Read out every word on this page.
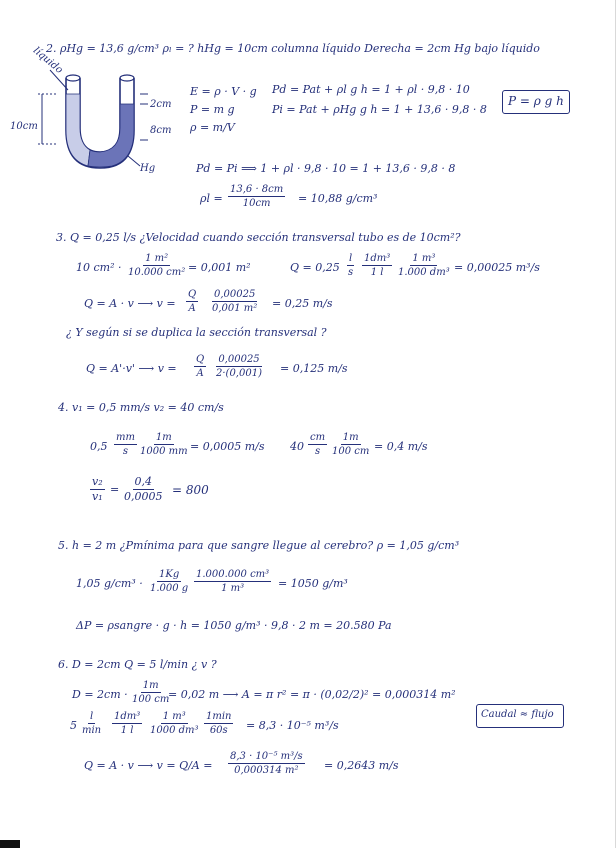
2. ρHg = 13,6 g/cm³ ρₗ = ? hHg = 10cm columna líquido Derecha = 2cm Hg bajo líquido
líquido
10cm
2cm
8cm
Hg
E = ρ · V · g
P = m g
ρ = m/V
Pd = Pat + ρl g h = 1 + ρl · 9,8 · 10
Pi = Pat + ρHg g h = 1 + 13,6 · 9,8 · 8
P = ρ g h
Pd = Pi ⟹ 1 + ρl · 9,8 · 10 = 1 + 13,6 · 9,8 · 8
$\rho l = \frac{13,6 \cdot 8cm}{10cm} = 10,88$ g/cm³
3. Q = 0,25 l/s ¿Velocidad cuando sección transversal tubo es de 10cm²?
10 $cm^2 \cdot \frac{\text{1 m²}}{\text{10.000 cm²}} = 0,001$ m²	$Q = 0,25 \frac{l}{s} \frac{\text{1dm³}}{1 l} \frac{\text{1 m³}}{\text{1.000 dm³}} = 0,00025$ m³/s
Q = A · v ⟶ $v = \frac{Q}{A} \frac{0,00025}{\text{0,001 m²}} = 0,25$ m/s
¿ Y según si se duplica la sección transversal ?
Q = A'·v' ⟶ $v = \frac{Q}{A} \frac{0,00025}{2\cdot(0,001)} = 0,125$ m/s
4. v₁ = 0,5 mm/s v₂ = 40 cm/s
$0,5 \frac{mm}{s} \frac{1m}{1000 mm} = 0,0005$ m/s $40 \frac{cm}{s} \frac{1m}{100 cm} = 0,4$ m/s
$\frac{\text{v₂}}{\text{v₁}} = \frac{0,4}{0,0005} = 800$
5. h = 2 m ¿Pmínima para que sangre llegue al cerebro? ρ = 1,05 g/cm³
1,05 $g/cm^3 \cdot \frac{1Kg}{1.000 g} \frac{\text{1.000.000 cm³}}{\text{1 m³}} = 1050$ g/m³
ΔP = ρsangre · g · h = 1050 g/m³ · 9,8 · 2 m = 20.580 Pa
6. D = 2cm Q = 5 l/min ¿ v ?
$D = 2cm \cdot \frac{1m}{100 cm}$
= 0,02 m ⟶ A = π r² = π · (0,02/2)² = 0,000314 m²
5
l
$\min \frac{\text{1dm³}}{1 l} \frac{\text{1 m³}}{\text{1000 dm³}} 1\min$
60s = 8,3 · 10⁻⁵ m³/s
Caudal ≈ flujo
Q = A · v ⟶ $v = Q/A = \frac{\text{8,3 · 10⁻⁵ m³/s}}{\text{0,000314 m²}} = 0,2643$ m/s
